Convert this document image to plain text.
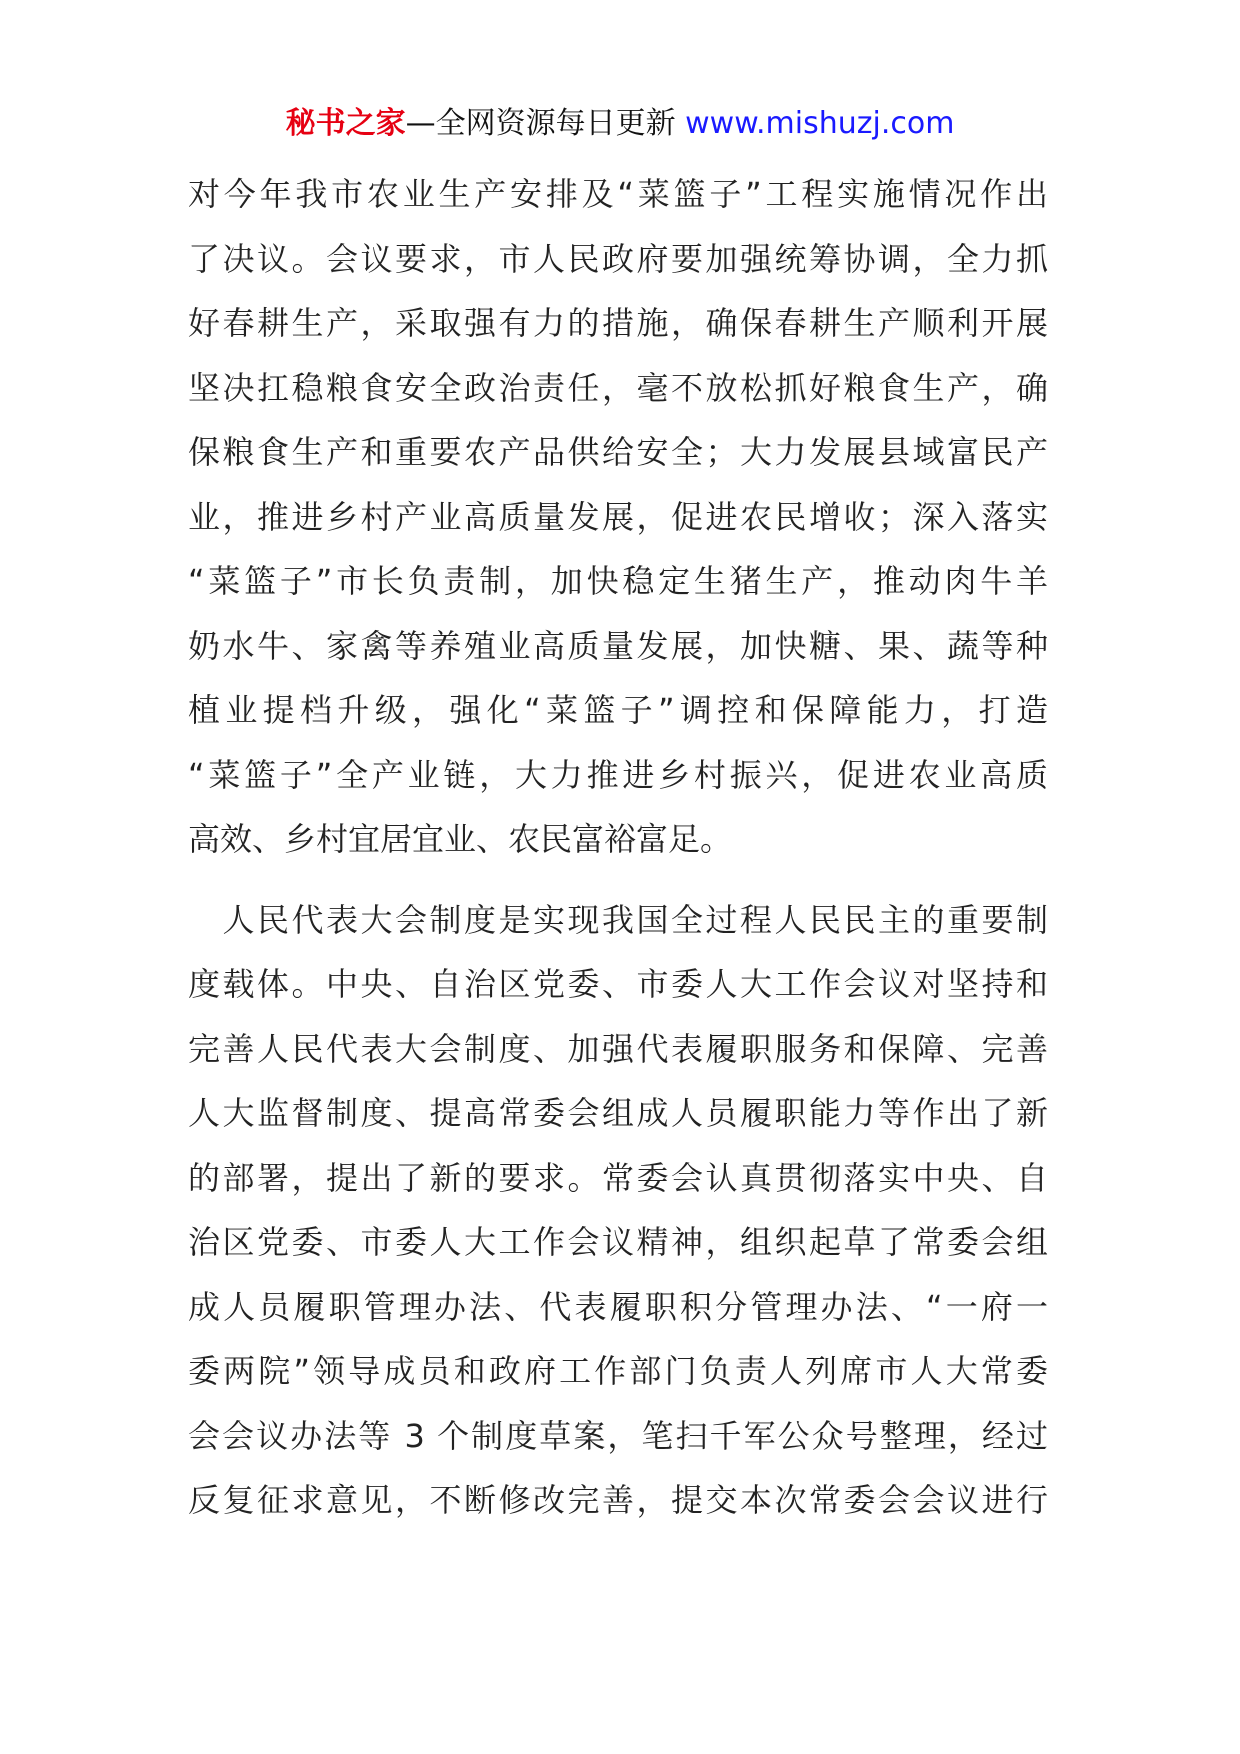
秘书之家—全网资源每日更新 www.mishuzj.com
对今年我市农业生产安排及“菜篮子”工程实施情况作出
了决议。会议要求，市人民政府要加强统筹协调，全力抓
好春耕生产，采取强有力的措施，确保春耕生产顺利开展
坚决扛稳粮食安全政治责任，毫不放松抓好粮食生产，确
保粮食生产和重要农产品供给安全；大力发展县域富民产
业，推进乡村产业高质量发展，促进农民增收；深入落实
“菜篮子”市长负责制，加快稳定生猪生产，推动肉牛羊
奶水牛、家禽等养殖业高质量发展，加快糖、果、蔬等种
植业提档升级，强化“菜篮子”调控和保障能力，打造
“菜篮子”全产业链，大力推进乡村振兴，促进农业高质
高效、乡村宜居宜业、农民富裕富足。
　人民代表大会制度是实现我国全过程人民民主的重要制
度载体。中央、自治区党委、市委人大工作会议对坚持和
完善人民代表大会制度、加强代表履职服务和保障、完善
人大监督制度、提高常委会组成人员履职能力等作出了新
的部署，提出了新的要求。常委会认真贯彻落实中央、自
治区党委、市委人大工作会议精神，组织起草了常委会组
成人员履职管理办法、代表履职积分管理办法、“一府一
委两院”领导成员和政府工作部门负责人列席市人大常委
会会议办法等 3 个制度草案，笔扫千军公众号整理，经过
反复征求意见，不断修改完善，提交本次常委会会议进行
